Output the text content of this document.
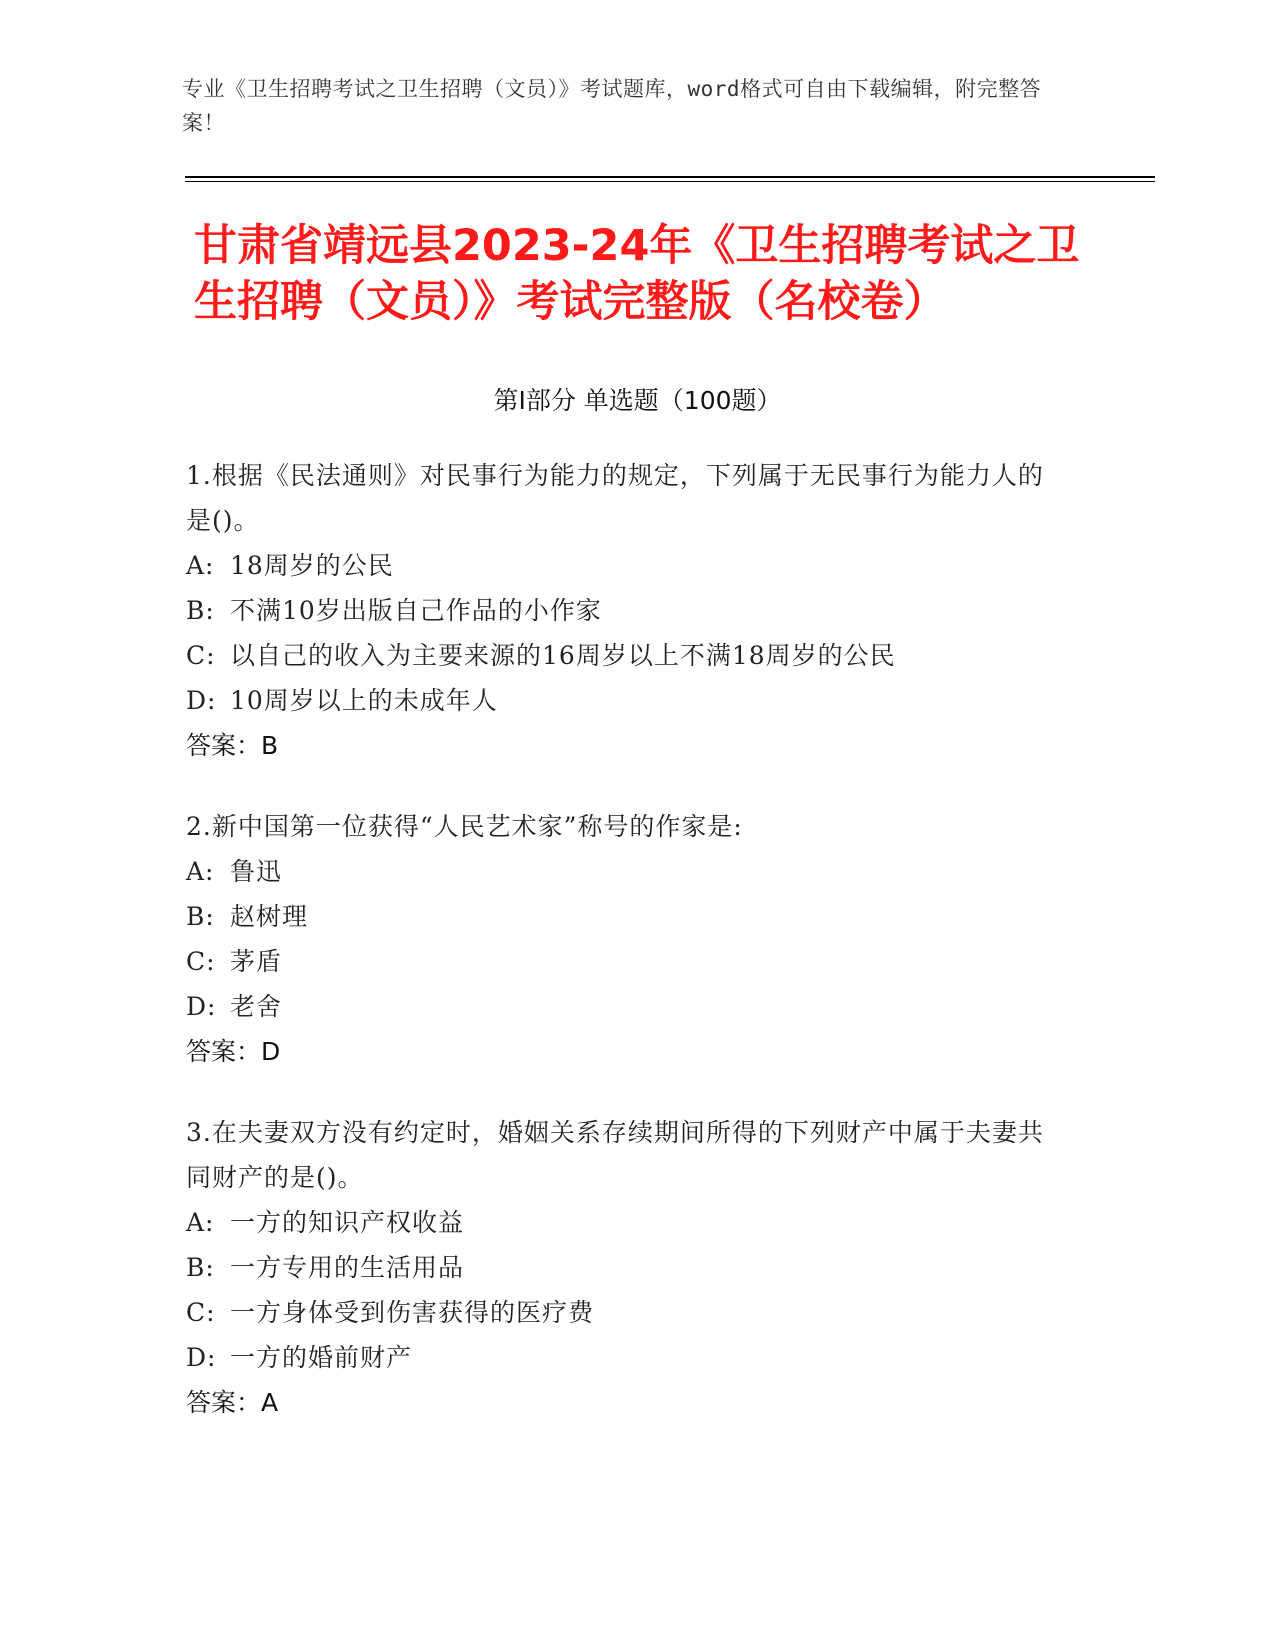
专业《卫生招聘考试之卫生招聘（文员）》考试题库，word格式可自由下载编辑，附完整答案！
甘肃省靖远县2023-24年《卫生招聘考试之卫生招聘（文员）》考试完整版（名校卷）
第Ⅰ部分 单选题（100题）
1.根据《民法通则》对民事行为能力的规定，下列属于无民事行为能力人的是()。
A: 18周岁的公民
B: 不满10岁出版自己作品的小作家
C: 以自己的收入为主要来源的16周岁以上不满18周岁的公民
D: 10周岁以上的未成年人
答案：B
2.新中国第一位获得“人民艺术家”称号的作家是:
A: 鲁迅
B: 赵树理
C: 茅盾
D: 老舍
答案：D
3.在夫妻双方没有约定时，婚姻关系存续期间所得的下列财产中属于夫妻共同财产的是()。
A: 一方的知识产权收益
B: 一方专用的生活用品
C: 一方身体受到伤害获得的医疗费
D: 一方的婚前财产
答案：A
